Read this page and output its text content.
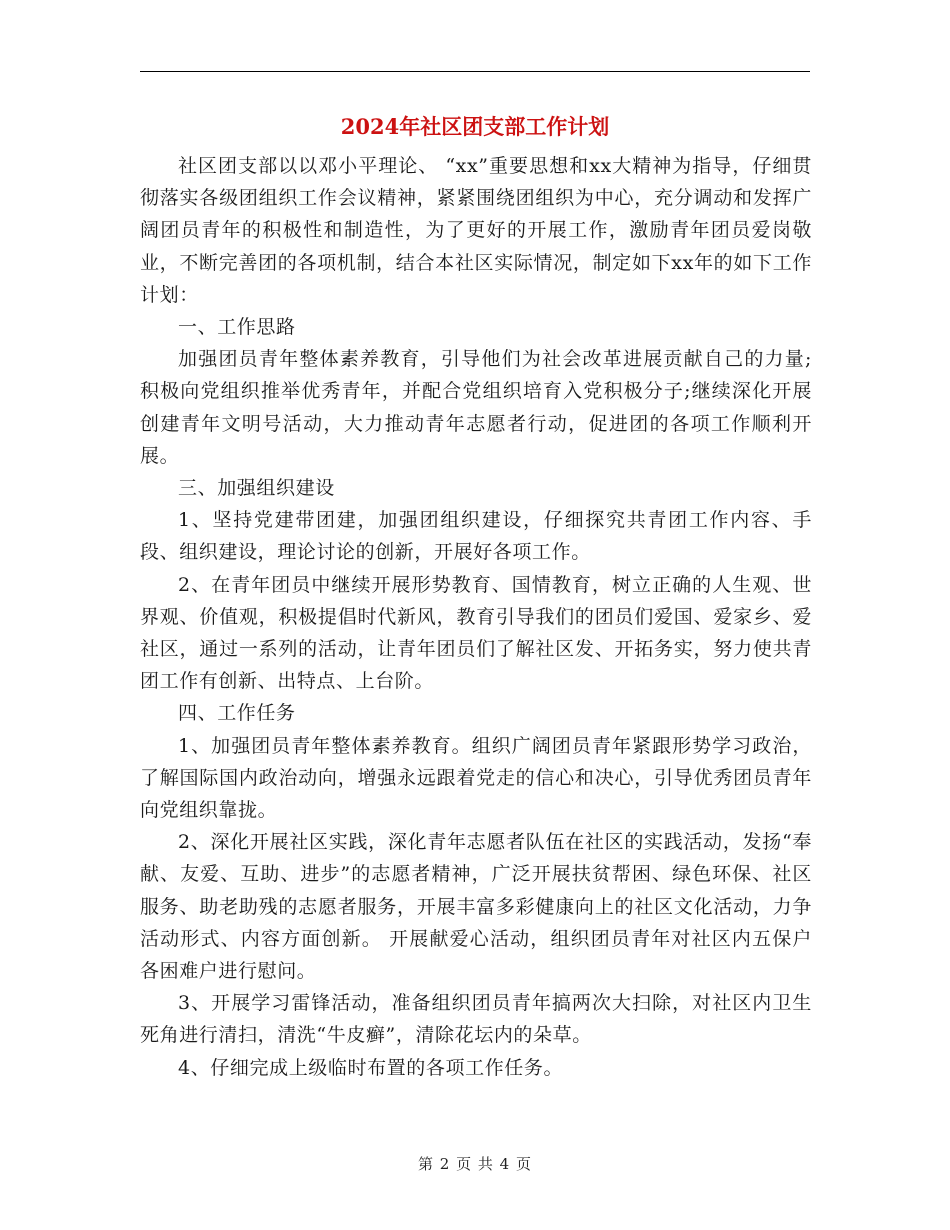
2024年社区团支部工作计划

社区团支部以以邓小平理论、 “xx”重要思想和xx大精神为指导，仔细贯彻落实各级团组织工作会议精神，紧紧围绕团组织为中心，充分调动和发挥广阔团员青年的积极性和制造性，为了更好的开展工作，激励青年团员爱岗敬业，不断完善团的各项机制，结合本社区实际情况，制定如下xx年的如下工作计划：

一、工作思路

加强团员青年整体素养教育，引导他们为社会改革进展贡献自己的力量;积极向党组织推举优秀青年，并配合党组织培育入党积极分子;继续深化开展创建青年文明号活动，大力推动青年志愿者行动，促进团的各项工作顺利开展。

三、加强组织建设

1、坚持党建带团建，加强团组织建设，仔细探究共青团工作内容、手段、组织建设，理论讨论的创新，开展好各项工作。

2、在青年团员中继续开展形势教育、国情教育，树立正确的人生观、世界观、价值观，积极提倡时代新风，教育引导我们的团员们爱国、爱家乡、爱社区，通过一系列的活动，让青年团员们了解社区发、开拓务实，努力使共青团工作有创新、出特点、上台阶。

四、工作任务

1、加强团员青年整体素养教育。组织广阔团员青年紧跟形势学习政治，了解国际国内政治动向，增强永远跟着党走的信心和决心，引导优秀团员青年向党组织靠拢。

2、深化开展社区实践，深化青年志愿者队伍在社区的实践活动，发扬“奉献、友爱、互助、进步”的志愿者精神，广泛开展扶贫帮困、绿色环保、社区服务、助老助残的志愿者服务，开展丰富多彩健康向上的社区文化活动，力争活动形式、内容方面创新。 开展献爱心活动，组织团员青年对社区内五保户各困难户进行慰问。

3、开展学习雷锋活动，准备组织团员青年搞两次大扫除，对社区内卫生死角进行清扫，清洗“牛皮癣”，清除花坛内的朵草。

4、仔细完成上级临时布置的各项工作任务。

第 2 页 共 4 页
